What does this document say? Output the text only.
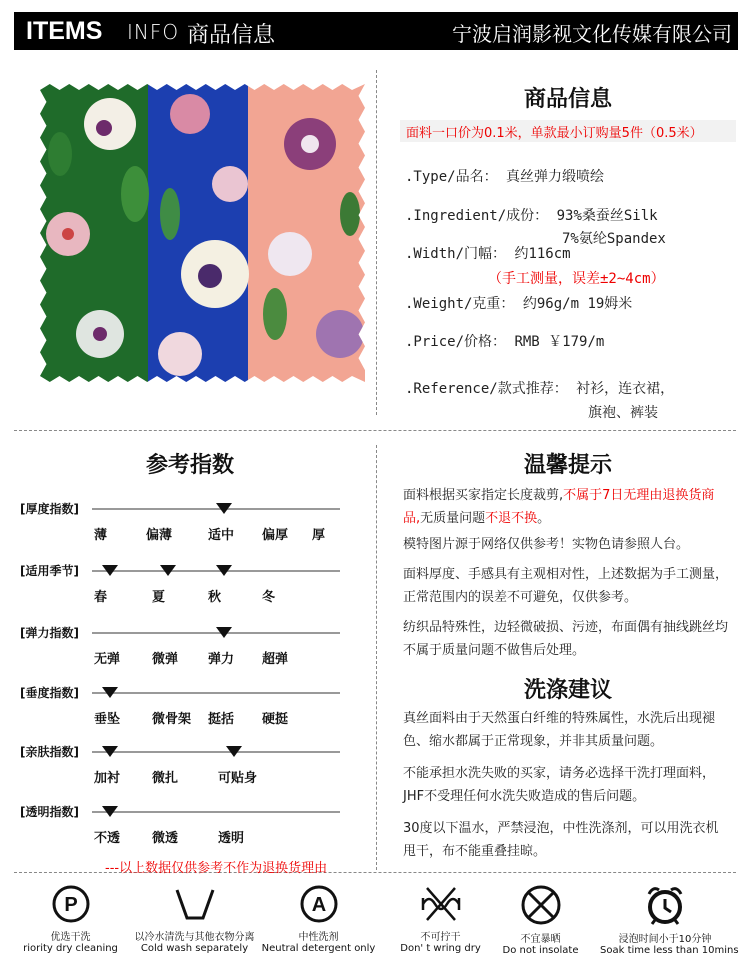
ITEMS INFO 商品信息	宁波启润影视文化传媒有限公司
商品信息
面料一口价为0.1米，单款最小订购量5件（0.5米）
.Type/品名： 真丝弹力缎喷绘
.Ingredient/成份： 93%桑蚕丝Silk
7%氨纶Spandex
.Width/门幅： 约116cm
（手工测量，误差±2~4cm）
.Weight/克重： 约96g/m 19姆米
.Price/价格： RMB ￥179/m
.Reference/款式推荐： 衬衫，连衣裙，
旗袍、裤装
参考指数
[厚度指数]
薄	偏薄	适中 偏厚 厚
[适用季节]
春	夏	秋	冬
[弹力指数]
无弹 微弹 弹力 超弹
[垂度指数]
垂坠 微骨架 挺括 硬挺
[亲肤指数]
加衬 微扎	可贴身
[透明指数]
不透 微透	透明
---以上数据仅供参考不作为退换货理由
温馨提示
面料根据买家指定长度裁剪,不属于7日无理由退换货商品,无质量问题不退不换。
模特图片源于网络仅供参考！实物色请参照人台。
面料厚度、手感具有主观相对性，上述数据为手工测量，正常范围内的误差不可避免，仅供参考。
纺织品特殊性，边轻微破损、污迹，布面偶有抽线跳丝均不属于质量问题不做售后处理。
洗涤建议
真丝面料由于天然蛋白纤维的特殊属性，水洗后出现褪色、缩水都属于正常现象，并非其质量问题。
不能承担水洗失败的买家，请务必选择干洗打理面料，JHF不受理任何水洗失败造成的售后问题。
30度以下温水，严禁浸泡，中性洗涤剂，可以用洗衣机甩干，布不能重叠挂晾。
P
优选干洗
riority dry cleaning
以冷水清洗与其他衣物分离
Cold wash separately
A
中性洗剂
Neutral detergent only
不可拧干
Don' t wring dry
不宜暴晒
Do not insolate
浸泡时间小于10分钟
Soak time less than 10mins
